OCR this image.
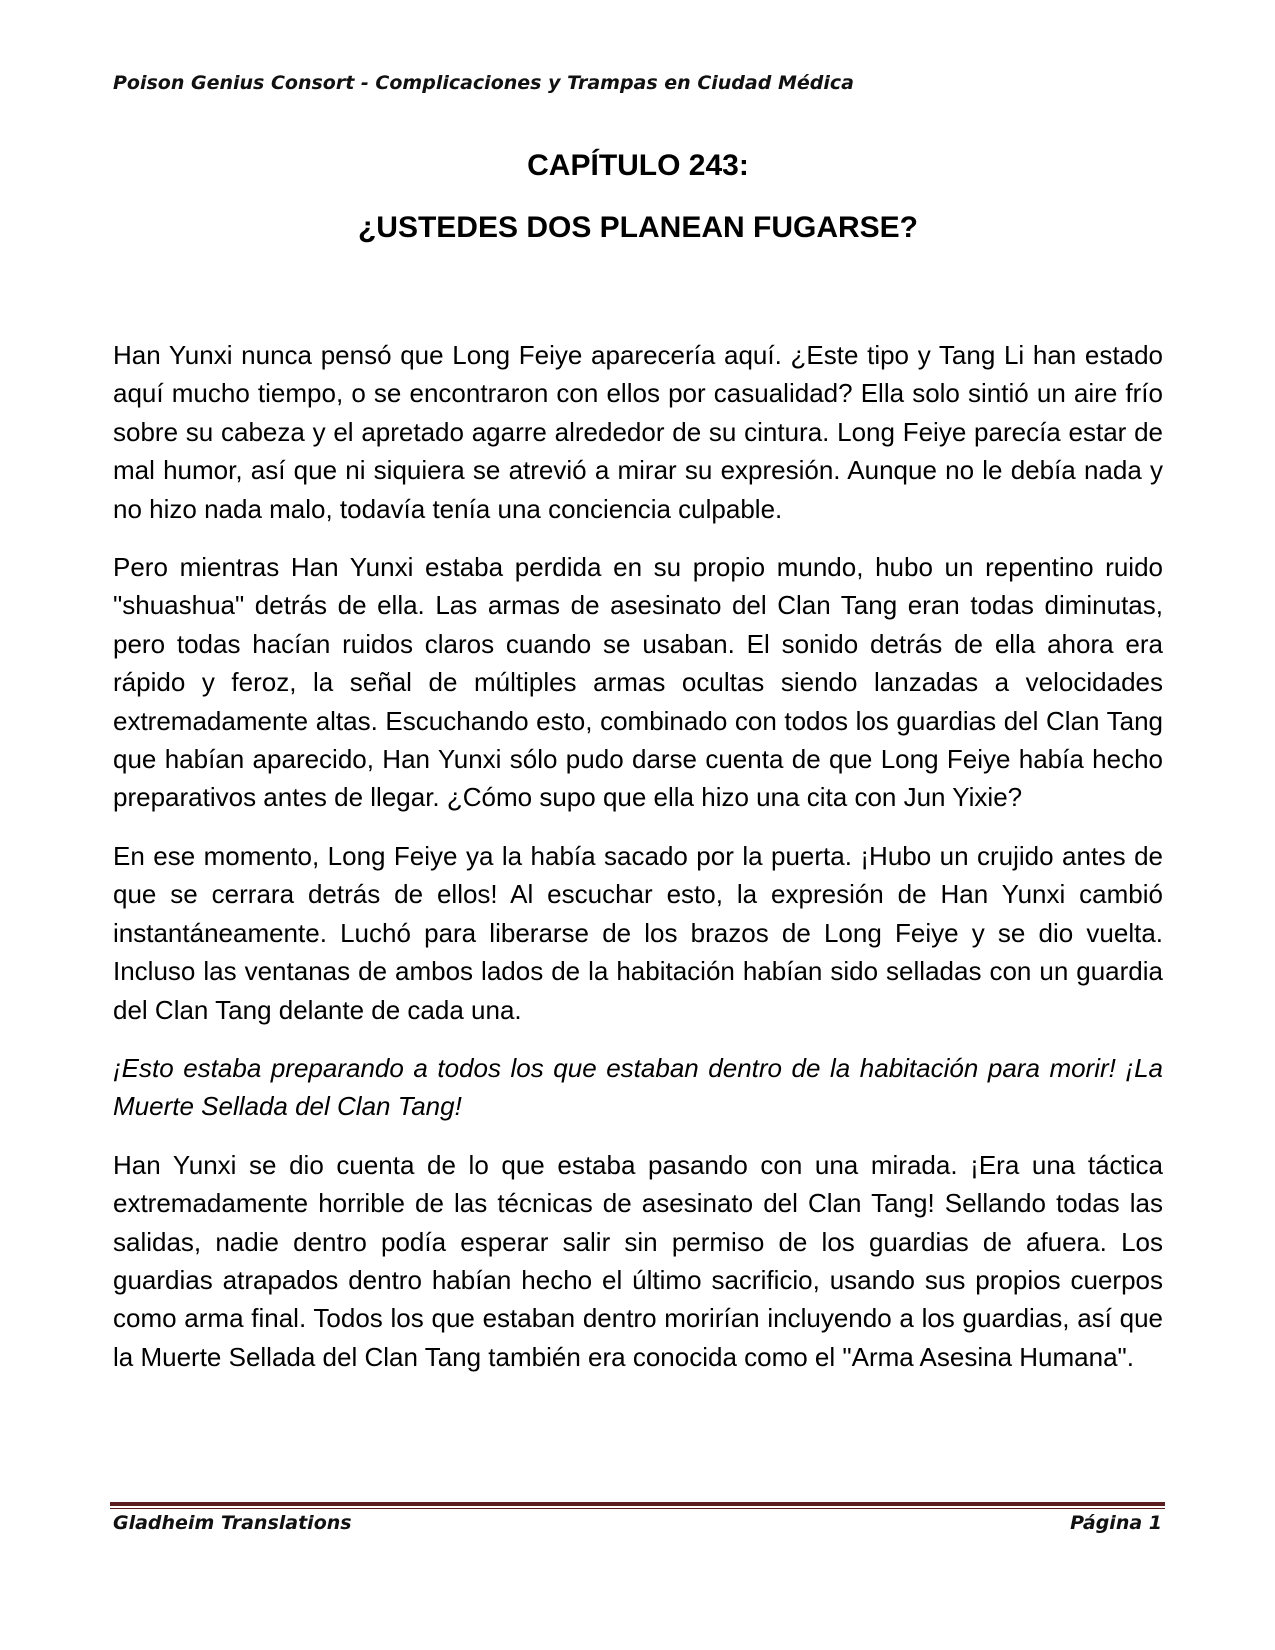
Poison Genius Consort - Complicaciones y Trampas en Ciudad Médica
CAPÍTULO 243:
¿USTEDES DOS PLANEAN FUGARSE?

Han Yunxi nunca pensó que Long Feiye aparecería aquí. ¿Este tipo y Tang Li han estado aquí mucho tiempo, o se encontraron con ellos por casualidad? Ella solo sintió un aire frío sobre su cabeza y el apretado agarre alrededor de su cintura. Long Feiye parecía estar de mal humor, así que ni siquiera se atrevió a mirar su expresión. Aunque no le debía nada y no hizo nada malo, todavía tenía una conciencia culpable.

Pero mientras Han Yunxi estaba perdida en su propio mundo, hubo un repentino ruido "shuashua" detrás de ella. Las armas de asesinato del Clan Tang eran todas diminutas, pero todas hacían ruidos claros cuando se usaban. El sonido detrás de ella ahora era rápido y feroz, la señal de múltiples armas ocultas siendo lanzadas a velocidades extremadamente altas. Escuchando esto, combinado con todos los guardias del Clan Tang que habían aparecido, Han Yunxi sólo pudo darse cuenta de que Long Feiye había hecho preparativos antes de llegar. ¿Cómo supo que ella hizo una cita con Jun Yixie?

En ese momento, Long Feiye ya la había sacado por la puerta. ¡Hubo un crujido antes de que se cerrara detrás de ellos! Al escuchar esto, la expresión de Han Yunxi cambió instantáneamente. Luchó para liberarse de los brazos de Long Feiye y se dio vuelta. Incluso las ventanas de ambos lados de la habitación habían sido selladas con un guardia del Clan Tang delante de cada una.

¡Esto estaba preparando a todos los que estaban dentro de la habitación para morir! ¡La Muerte Sellada del Clan Tang!

Han Yunxi se dio cuenta de lo que estaba pasando con una mirada. ¡Era una táctica extremadamente horrible de las técnicas de asesinato del Clan Tang! Sellando todas las salidas, nadie dentro podía esperar salir sin permiso de los guardias de afuera. Los guardias atrapados dentro habían hecho el último sacrificio, usando sus propios cuerpos como arma final. Todos los que estaban dentro morirían incluyendo a los guardias, así que la Muerte Sellada del Clan Tang también era conocida como el "Arma Asesina Humana".

Gladheim Translations	Página 1
